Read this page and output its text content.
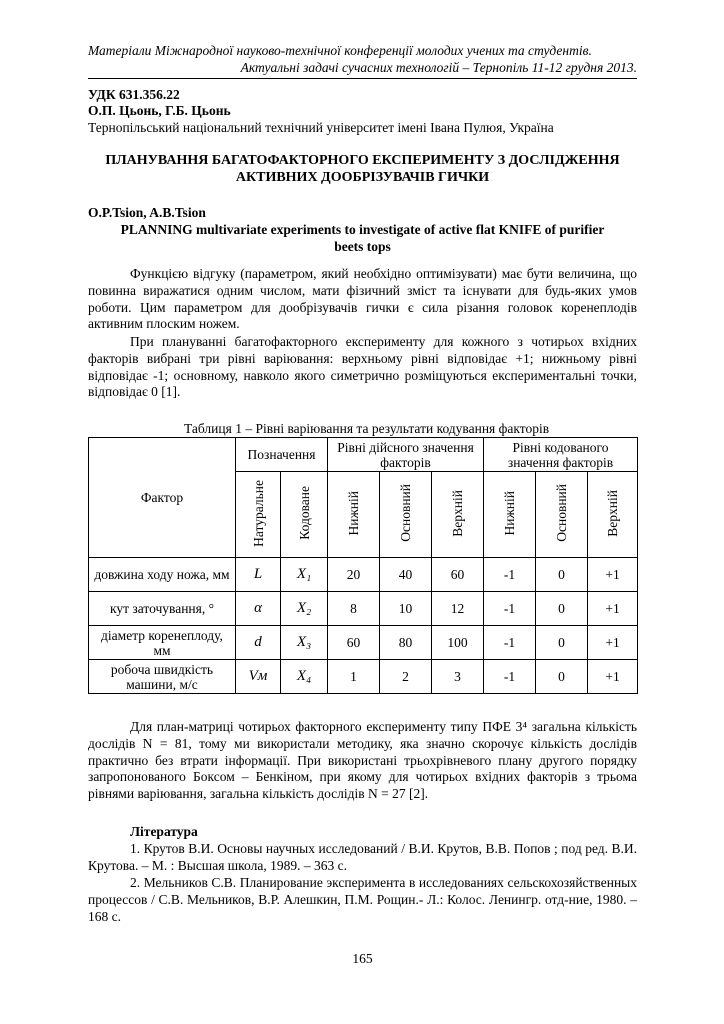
Матеріали Міжнародної науково-технічної конференції молодих учених та студентів.
Актуальні задачі сучасних технологій – Тернопіль 11-12 грудня 2013.
УДК 631.356.22
О.П. Цьонь, Г.Б. Цьонь
Тернопільський національний технічний університет імені Івана Пулюя, Україна
ПЛАНУВАННЯ БАГАТОФАКТОРНОГО ЕКСПЕРИМЕНТУ З ДОСЛІДЖЕННЯ
АКТИВНИХ ДООБРІЗУВАЧІВ ГИЧКИ
O.P.Tsion, A.B.Tsion
PLANNING multivariate experiments to investigate of active flat KNIFE of purifier
beets tops

Функцією відгуку (параметром, який необхідно оптимізувати) має бути величина, що повинна виражатися одним числом, мати фізичний зміст та існувати для будь-яких умов роботи. Цим параметром для дообрізувачів гички є сила різання головок коренеплодів активним плоским ножем.

При плануванні багатофакторного експерименту для кожного з чотирьох вхідних факторів вибрані три рівні варіювання: верхньому рівні відповідає +1; нижньому рівні відповідає -1; основному, навколо якого симетрично розміщуються експериментальні точки, відповідає 0 [1].

Таблиця 1 – Рівні варіювання та результати кодування факторів
Фактор	Позначення		Рівні дійсного значення факторів			Рівні кодованого значення факторів		
	Натуральне	Кодоване	Нижній	Основний	Верхній	Нижній	Основний	Верхній
довжина ходу ножа, мм	L	X₁	20	40	60	-1	0	+1
кут заточування, °	α	X₂	8	10	12	-1	0	+1
діаметр коренеплоду, мм	d	X₃	60	80	100	-1	0	+1
робоча швидкість машини, м/с	Vм	X₄	1	2	3	-1	0	+1

Для план-матриці чотирьох факторного експерименту типу ПФЕ 3⁴ загальна кількість дослідів N = 81, тому ми використали методику, яка значно скорочує кількість дослідів практично без втрати інформації. При використані трьохрівневого плану другого порядку запропонованого Боксом – Бенкіном, при якому для чотирьох вхідних факторів з трьома рівнями варіювання, загальна кількість дослідів N = 27 [2].

Література

1. Крутов В.И. Основы научных исследований / В.И. Крутов, В.В. Попов ; под ред. В.И. Крутова. – М. : Высшая школа, 1989. – 363 с.

2. Мельников С.В. Планирование эксперимента в исследованиях сельскохозяйственных процессов / С.В. Мельников, В.Р. Алешкин, П.М. Рощин.- Л.: Колос. Ленингр. отд-ние, 1980. – 168 с.

165
